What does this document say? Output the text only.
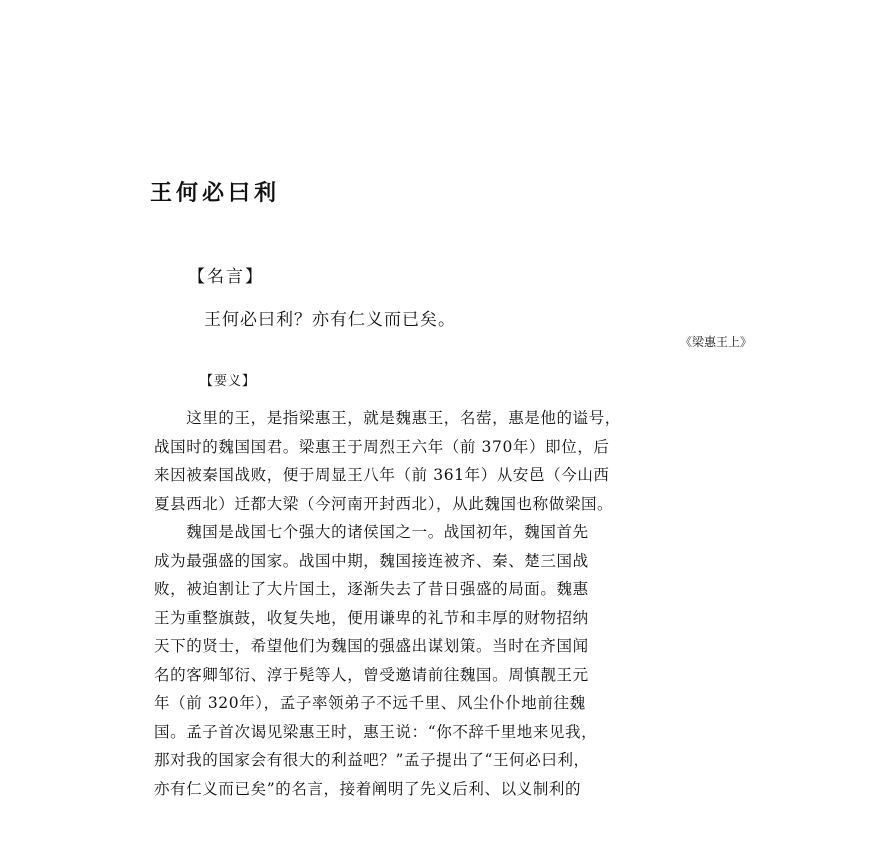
王何必曰利
【名言】
王何必曰利？亦有仁义而已矣。
《梁惠王上》
【要义】
　　这里的王，是指梁惠王，就是魏惠王，名䓨，惠是他的谥号，
战国时的魏国国君。梁惠王于周烈王六年（前 370年）即位，后
来因被秦国战败，便于周显王八年（前 361年）从安邑（今山西
夏县西北）迁都大梁（今河南开封西北），从此魏国也称做梁国。
　　魏国是战国七个强大的诸侯国之一。战国初年，魏国首先
成为最强盛的国家。战国中期，魏国接连被齐、秦、楚三国战
败，被迫割让了大片国土，逐渐失去了昔日强盛的局面。魏惠
王为重整旗鼓，收复失地，便用谦卑的礼节和丰厚的财物招纳
天下的贤士，希望他们为魏国的强盛出谋划策。当时在齐国闻
名的客卿邹衍、淳于髡等人，曾受邀请前往魏国。周慎靓王元
年（前 320年），孟子率领弟子不远千里、风尘仆仆地前往魏
国。孟子首次谒见梁惠王时，惠王说：“你不辞千里地来见我，
那对我的国家会有很大的利益吧？”孟子提出了“王何必曰利，
亦有仁义而已矣”的名言，接着阐明了先义后利、以义制利的
